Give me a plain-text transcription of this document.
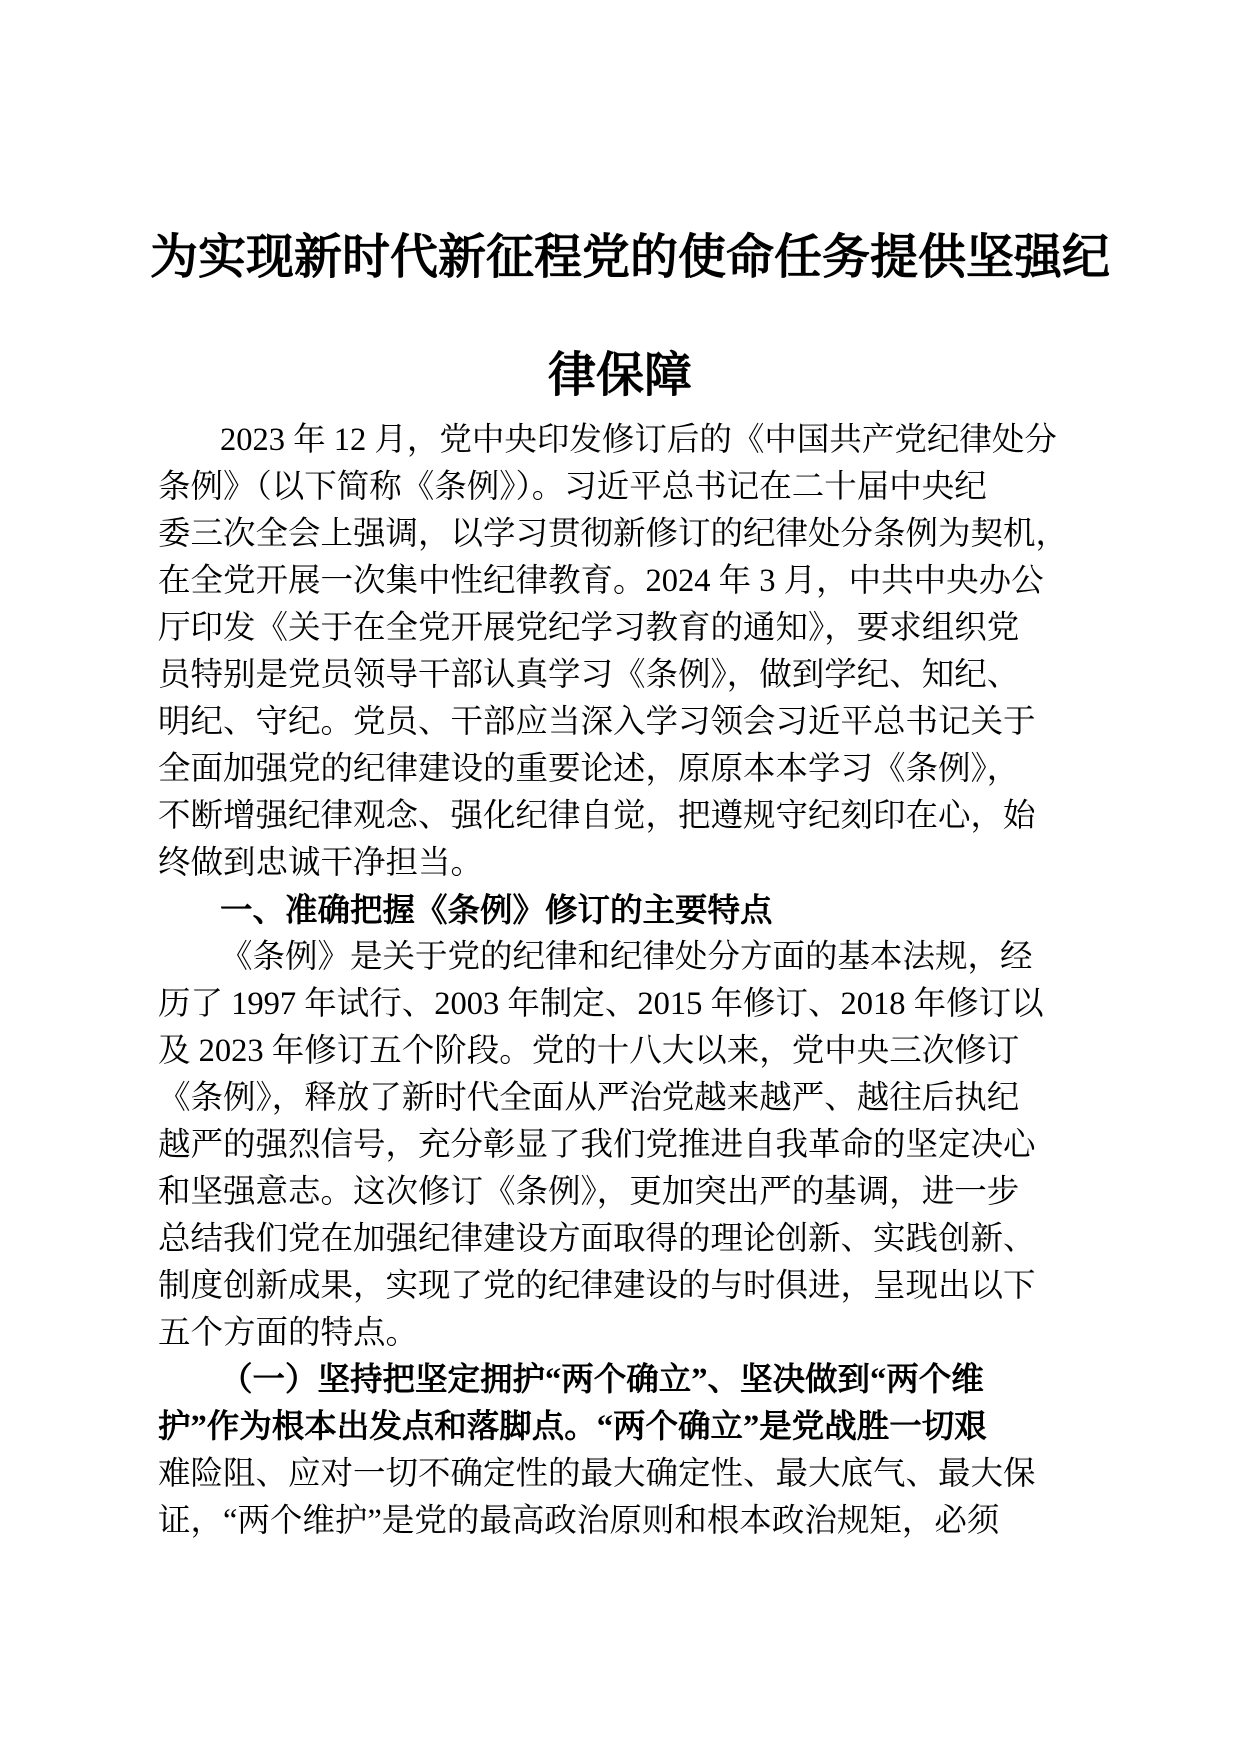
为实现新时代新征程党的使命任务提供坚强纪
律保障

2023 年 12 月，党中央印发修订后的《中国共产党纪律处分

条例》（以下简称《条例》）。习近平总书记在二十届中央纪

委三次全会上强调，以学习贯彻新修订的纪律处分条例为契机，

在全党开展一次集中性纪律教育。2024 年 3 月，中共中央办公

厅印发《关于在全党开展党纪学习教育的通知》，要求组织党

员特别是党员领导干部认真学习《条例》，做到学纪、知纪、

明纪、守纪。党员、干部应当深入学习领会习近平总书记关于

全面加强党的纪律建设的重要论述，原原本本学习《条例》，

不断增强纪律观念、强化纪律自觉，把遵规守纪刻印在心，始

终做到忠诚干净担当。

一、准确把握《条例》修订的主要特点

《条例》是关于党的纪律和纪律处分方面的基本法规，经

历了 1997 年试行、2003 年制定、2015 年修订、2018 年修订以

及 2023 年修订五个阶段。党的十八大以来，党中央三次修订

《条例》，释放了新时代全面从严治党越来越严、越往后执纪

越严的强烈信号，充分彰显了我们党推进自我革命的坚定决心

和坚强意志。这次修订《条例》，更加突出严的基调，进一步

总结我们党在加强纪律建设方面取得的理论创新、实践创新、

制度创新成果，实现了党的纪律建设的与时俱进，呈现出以下

五个方面的特点。

（一）坚持把坚定拥护“两个确立”、坚决做到“两个维

护”作为根本出发点和落脚点。“两个确立”是党战胜一切艰

难险阻、应对一切不确定性的最大确定性、最大底气、最大保

证，“两个维护”是党的最高政治原则和根本政治规矩，必须
